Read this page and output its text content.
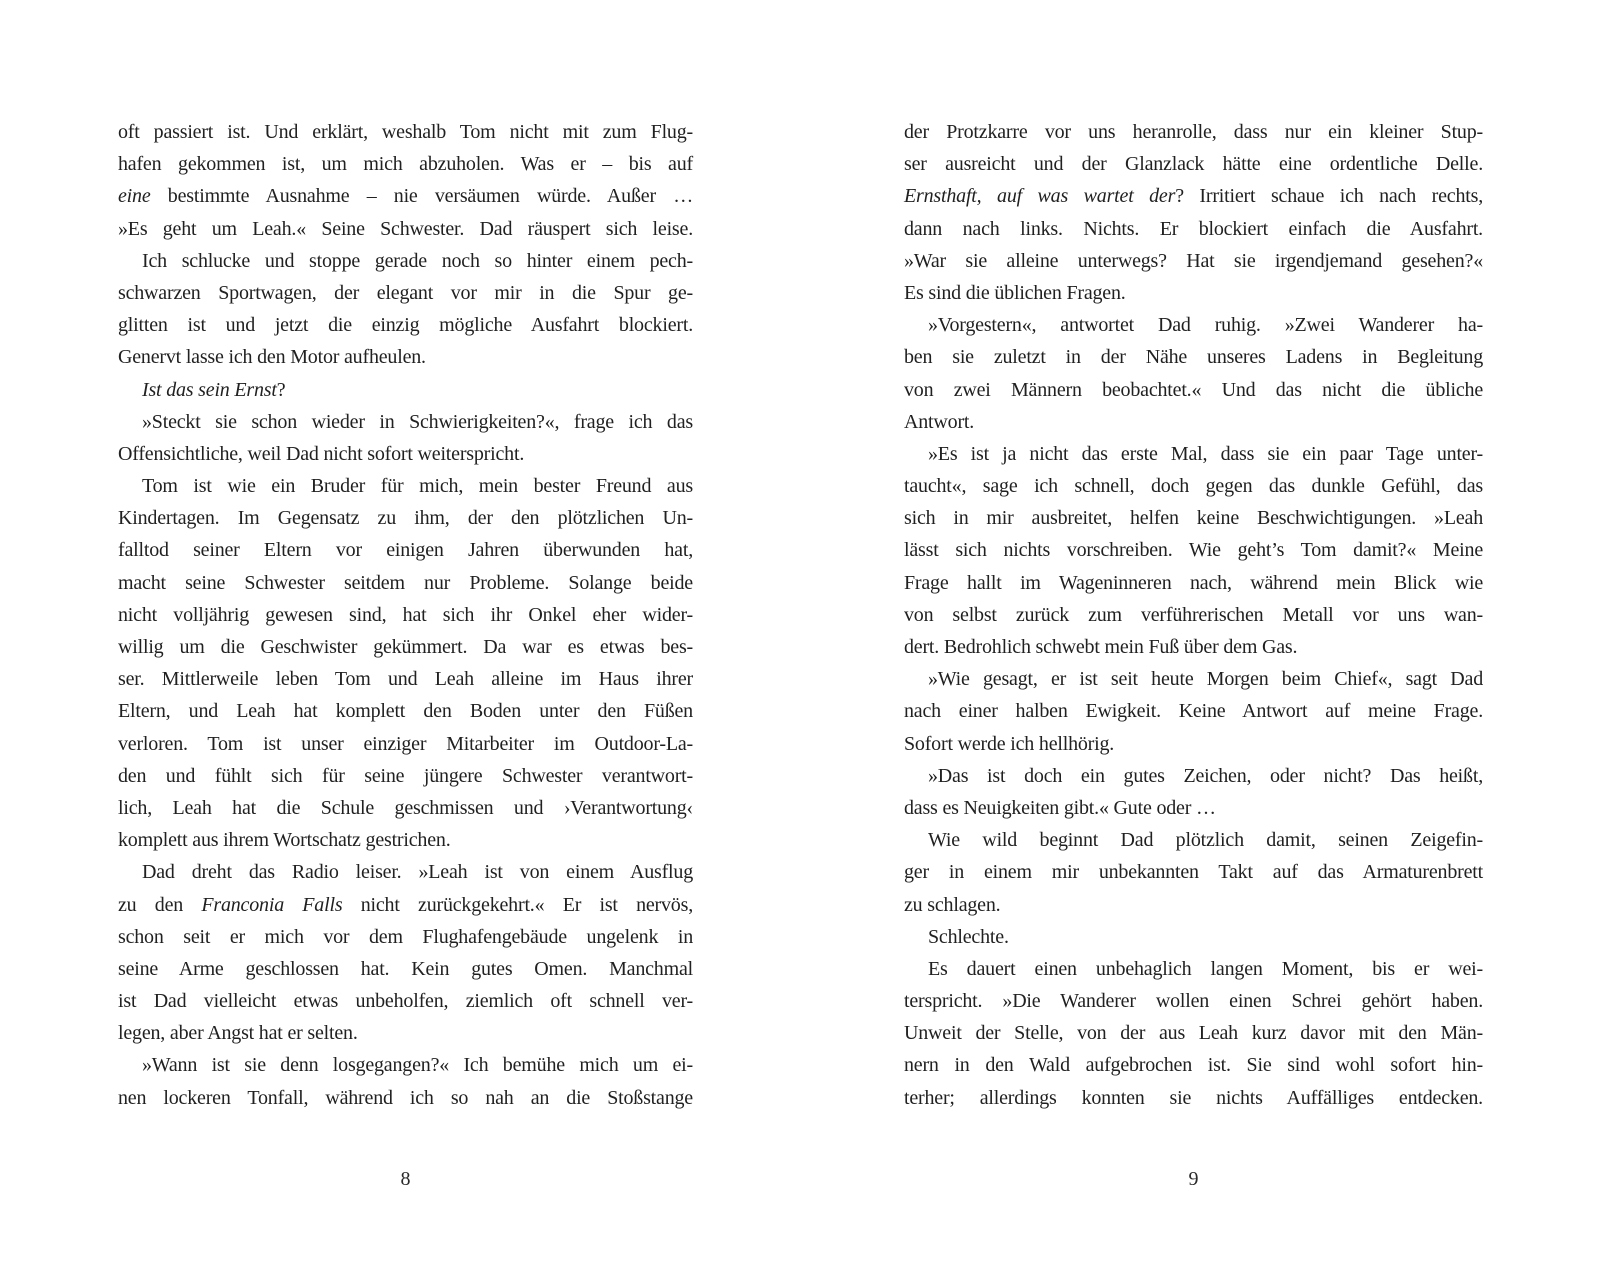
oft passiert ist. Und erklärt, weshalb Tom nicht mit zum Flug-
hafen gekommen ist, um mich abzuholen. Was er – bis auf
eine bestimmte Ausnahme – nie versäumen würde. Außer …
»Es geht um Leah.« Seine Schwester. Dad räuspert sich leise.
Ich schlucke und stoppe gerade noch so hinter einem pech-
schwarzen Sportwagen, der elegant vor mir in die Spur ge-
glitten ist und jetzt die einzig mögliche Ausfahrt blockiert.
Genervt lasse ich den Motor aufheulen.
Ist das sein Ernst?
»Steckt sie schon wieder in Schwierigkeiten?«, frage ich das
Offensichtliche, weil Dad nicht sofort weiterspricht.
Tom ist wie ein Bruder für mich, mein bester Freund aus
Kindertagen. Im Gegensatz zu ihm, der den plötzlichen Un-
falltod seiner Eltern vor einigen Jahren überwunden hat,
macht seine Schwester seitdem nur Probleme. Solange beide
nicht volljährig gewesen sind, hat sich ihr Onkel eher wider-
willig um die Geschwister gekümmert. Da war es etwas bes-
ser. Mittlerweile leben Tom und Leah alleine im Haus ihrer
Eltern, und Leah hat komplett den Boden unter den Füßen
verloren. Tom ist unser einziger Mitarbeiter im Outdoor-La-
den und fühlt sich für seine jüngere Schwester verantwort-
lich, Leah hat die Schule geschmissen und ›Verantwortung‹
komplett aus ihrem Wortschatz gestrichen.
Dad dreht das Radio leiser. »Leah ist von einem Ausflug
zu den Franconia Falls nicht zurückgekehrt.« Er ist nervös,
schon seit er mich vor dem Flughafengebäude ungelenk in
seine Arme geschlossen hat. Kein gutes Omen. Manchmal
ist Dad vielleicht etwas unbeholfen, ziemlich oft schnell ver-
legen, aber Angst hat er selten.
»Wann ist sie denn losgegangen?« Ich bemühe mich um ei-
nen lockeren Tonfall, während ich so nah an die Stoßstange
der Protzkarre vor uns heranrolle, dass nur ein kleiner Stup-
ser ausreicht und der Glanzlack hätte eine ordentliche Delle.
Ernsthaft, auf was wartet der? Irritiert schaue ich nach rechts,
dann nach links. Nichts. Er blockiert einfach die Ausfahrt.
»War sie alleine unterwegs? Hat sie irgendjemand gesehen?«
Es sind die üblichen Fragen.
»Vorgestern«, antwortet Dad ruhig. »Zwei Wanderer ha-
ben sie zuletzt in der Nähe unseres Ladens in Begleitung
von zwei Männern beobachtet.« Und das nicht die übliche
Antwort.
»Es ist ja nicht das erste Mal, dass sie ein paar Tage unter-
taucht«, sage ich schnell, doch gegen das dunkle Gefühl, das
sich in mir ausbreitet, helfen keine Beschwichtigungen. »Leah
lässt sich nichts vorschreiben. Wie geht’s Tom damit?« Meine
Frage hallt im Wageninneren nach, während mein Blick wie
von selbst zurück zum verführerischen Metall vor uns wan-
dert. Bedrohlich schwebt mein Fuß über dem Gas.
»Wie gesagt, er ist seit heute Morgen beim Chief«, sagt Dad
nach einer halben Ewigkeit. Keine Antwort auf meine Frage.
Sofort werde ich hellhörig.
»Das ist doch ein gutes Zeichen, oder nicht? Das heißt,
dass es Neuigkeiten gibt.« Gute oder …
Wie wild beginnt Dad plötzlich damit, seinen Zeigefin-
ger in einem mir unbekannten Takt auf das Armaturenbrett
zu schlagen.
Schlechte.
Es dauert einen unbehaglich langen Moment, bis er wei-
terspricht. »Die Wanderer wollen einen Schrei gehört haben.
Unweit der Stelle, von der aus Leah kurz davor mit den Män-
nern in den Wald aufgebrochen ist. Sie sind wohl sofort hin-
terher; allerdings konnten sie nichts Auffälliges entdecken.
8	9
